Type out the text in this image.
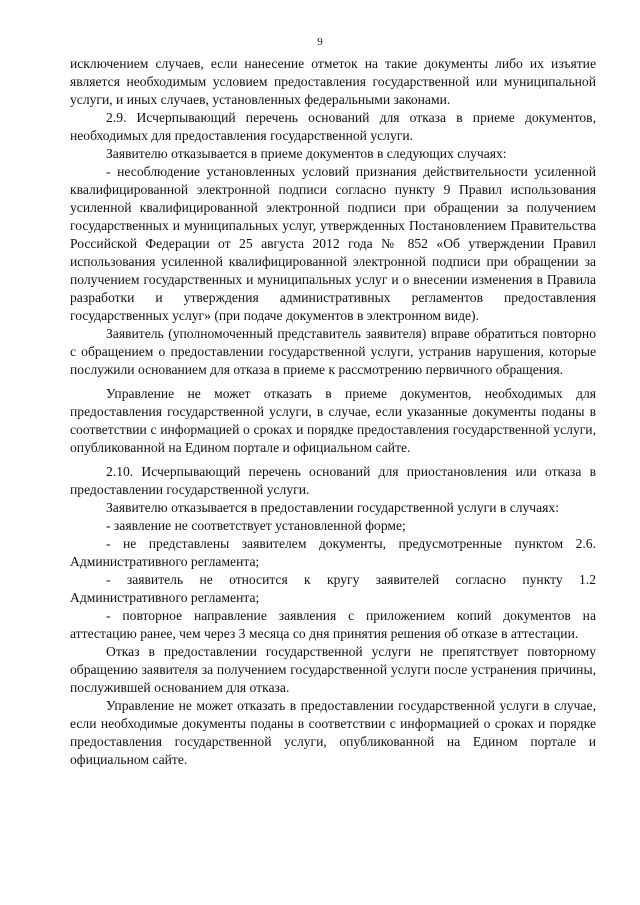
9

исключением случаев, если нанесение отметок на такие документы либо их изъятие является необходимым условием предоставления государственной или муниципальной услуги, и иных случаев, установленных федеральными законами.

2.9. Исчерпывающий перечень оснований для отказа в приеме документов, необходимых для предоставления государственной услуги.

Заявителю отказывается в приеме документов в следующих случаях:

- несоблюдение установленных условий признания действительности усиленной квалифицированной электронной подписи согласно пункту 9 Правил использования усиленной квалифицированной электронной подписи при обращении за получением государственных и муниципальных услуг, утвержденных Постановлением Правительства Российской Федерации от 25 августа 2012 года № 852 «Об утверждении Правил использования усиленной квалифицированной электронной подписи при обращении за получением государственных и муниципальных услуг и о внесении изменения в Правила разработки и утверждения административных регламентов предоставления государственных услуг» (при подаче документов в электронном виде).

Заявитель (уполномоченный представитель заявителя) вправе обратиться повторно с обращением о предоставлении государственной услуги, устранив нарушения, которые послужили основанием для отказа в приеме к рассмотрению первичного обращения.

Управление не может отказать в приеме документов, необходимых для предоставления государственной услуги, в случае, если указанные документы поданы в соответствии с информацией о сроках и порядке предоставления государственной услуги, опубликованной на Едином портале и официальном сайте.

2.10. Исчерпывающий перечень оснований для приостановления или отказа в предоставлении государственной услуги.

Заявителю отказывается в предоставлении государственной услуги в случаях:

- заявление не соответствует установленной форме;

- не представлены заявителем документы, предусмотренные пунктом 2.6. Административного регламента;

- заявитель не относится к кругу заявителей согласно пункту 1.2 Административного регламента;

- повторное направление заявления с приложением копий документов на аттестацию ранее, чем через 3 месяца со дня принятия решения об отказе в аттестации.

Отказ в предоставлении государственной услуги не препятствует повторному обращению заявителя за получением государственной услуги после устранения причины, послужившей основанием для отказа.

Управление не может отказать в предоставлении государственной услуги в случае, если необходимые документы поданы в соответствии с информацией о сроках и порядке предоставления государственной услуги, опубликованной на Едином портале и официальном сайте.
